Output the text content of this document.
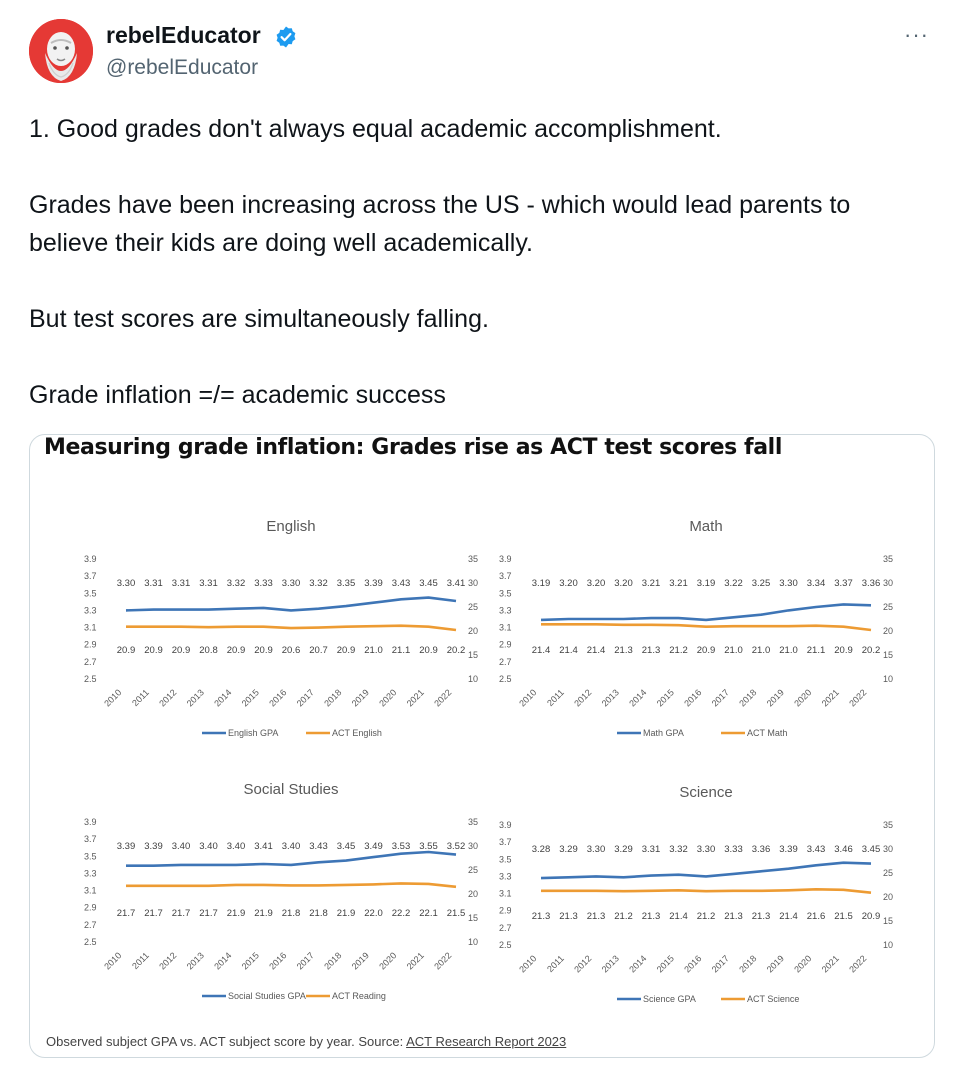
rebelEducator
@rebelEducator
···

1. Good grades don't always equal academic accomplishment.

Grades have been increasing across the US - which would lead parents to believe their kids are doing well academically.

But test scores are simultaneously falling.

Grade inflation =/= academic success

Measuring grade inflation: Grades rise as ACT test scores fall
English
3.9
3.7
3.5
3.3
3.1
2.9
2.7
2.5
35
30
25
20
15
10
2010 2011 2012 2013 2014 2015 2016 2017 2018 2019 2020 2021 2022
3.30 3.31 3.31 3.31 3.32 3.33 3.30 3.32 3.35 3.39 3.43 3.45 3.41
20.9 20.9 20.9 20.8 20.9 20.9 20.6 20.7 20.9 21.0 21.1 20.9 20.2
English GPA	ACT English
Math
3.9
3.7
3.5
3.3
3.1
2.9
2.7
2.5
35
30
25
20
15
10
2010 2011 2012 2013 2014 2015 2016 2017 2018 2019 2020 2021 2022
3.19 3.20 3.20 3.20 3.21 3.21 3.19 3.22 3.25 3.30 3.34 3.37 3.36
21.4 21.4 21.4 21.3 21.3 21.2 20.9 21.0 21.0 21.0 21.1 20.9 20.2
Math GPA	ACT Math
Social Studies
3.9
3.7
3.5
3.3
3.1
2.9
2.7
2.5
35
30
25
20
15
10
2010 2011 2012 2013 2014 2015 2016 2017 2018 2019 2020 2021 2022
3.39 3.39 3.40 3.40 3.40 3.41 3.40 3.43 3.45 3.49 3.53 3.55 3.52
21.7 21.7 21.7 21.7 21.9 21.9 21.8 21.8 21.9 22.0 22.2 22.1 21.5
Social Studies GPA	ACT Reading
Science
3.9
3.7
3.5
3.3
3.1
2.9
2.7
2.5
35
30
25
20
15
10
2010 2011 2012 2013 2014 2015 2016 2017 2018 2019 2020 2021 2022
3.28 3.29 3.30 3.29 3.31 3.32 3.30 3.33 3.36 3.39 3.43 3.46 3.45
21.3 21.3 21.3 21.2 21.3 21.4 21.2 21.3 21.3 21.4 21.6 21.5 20.9
Science GPA	ACT Science
Observed subject GPA vs. ACT subject score by year. Source: ACT Research Report 2023
